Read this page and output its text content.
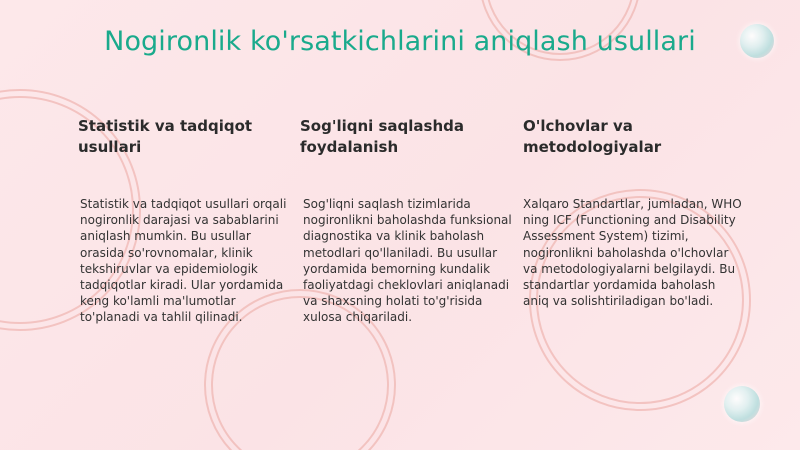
Nogironlik ko'rsatkichlarini aniqlash usullari
Statistik va tadqiqot usullari
Statistik va tadqiqot usullari orqali nogironlik darajasi va sabablarini aniqlash mumkin. Bu usullar orasida so'rovnomalar, klinik tekshiruvlar va epidemiologik tadqiqotlar kiradi. Ular yordamida keng ko'lamli ma'lumotlar to'planadi va tahlil qilinadi.
Sog'liqni saqlashda foydalanish
Sog'liqni saqlash tizimlarida nogironlikni baholashda funksional diagnostika va klinik baholash metodlari qo'llaniladi. Bu usullar yordamida bemorning kundalik faoliyatdagi cheklovlari aniqlanadi va shaxsning holati to'g'risida xulosa chiqariladi.
O'lchovlar va metodologiyalar
Xalqaro Standartlar, jumladan, WHO ning ICF (Functioning and Disability Assessment System) tizimi, nogironlikni baholashda o'lchovlar va metodologiyalarni belgilaydi. Bu standartlar yordamida baholash aniq va solishtiriladigan bo'ladi.
